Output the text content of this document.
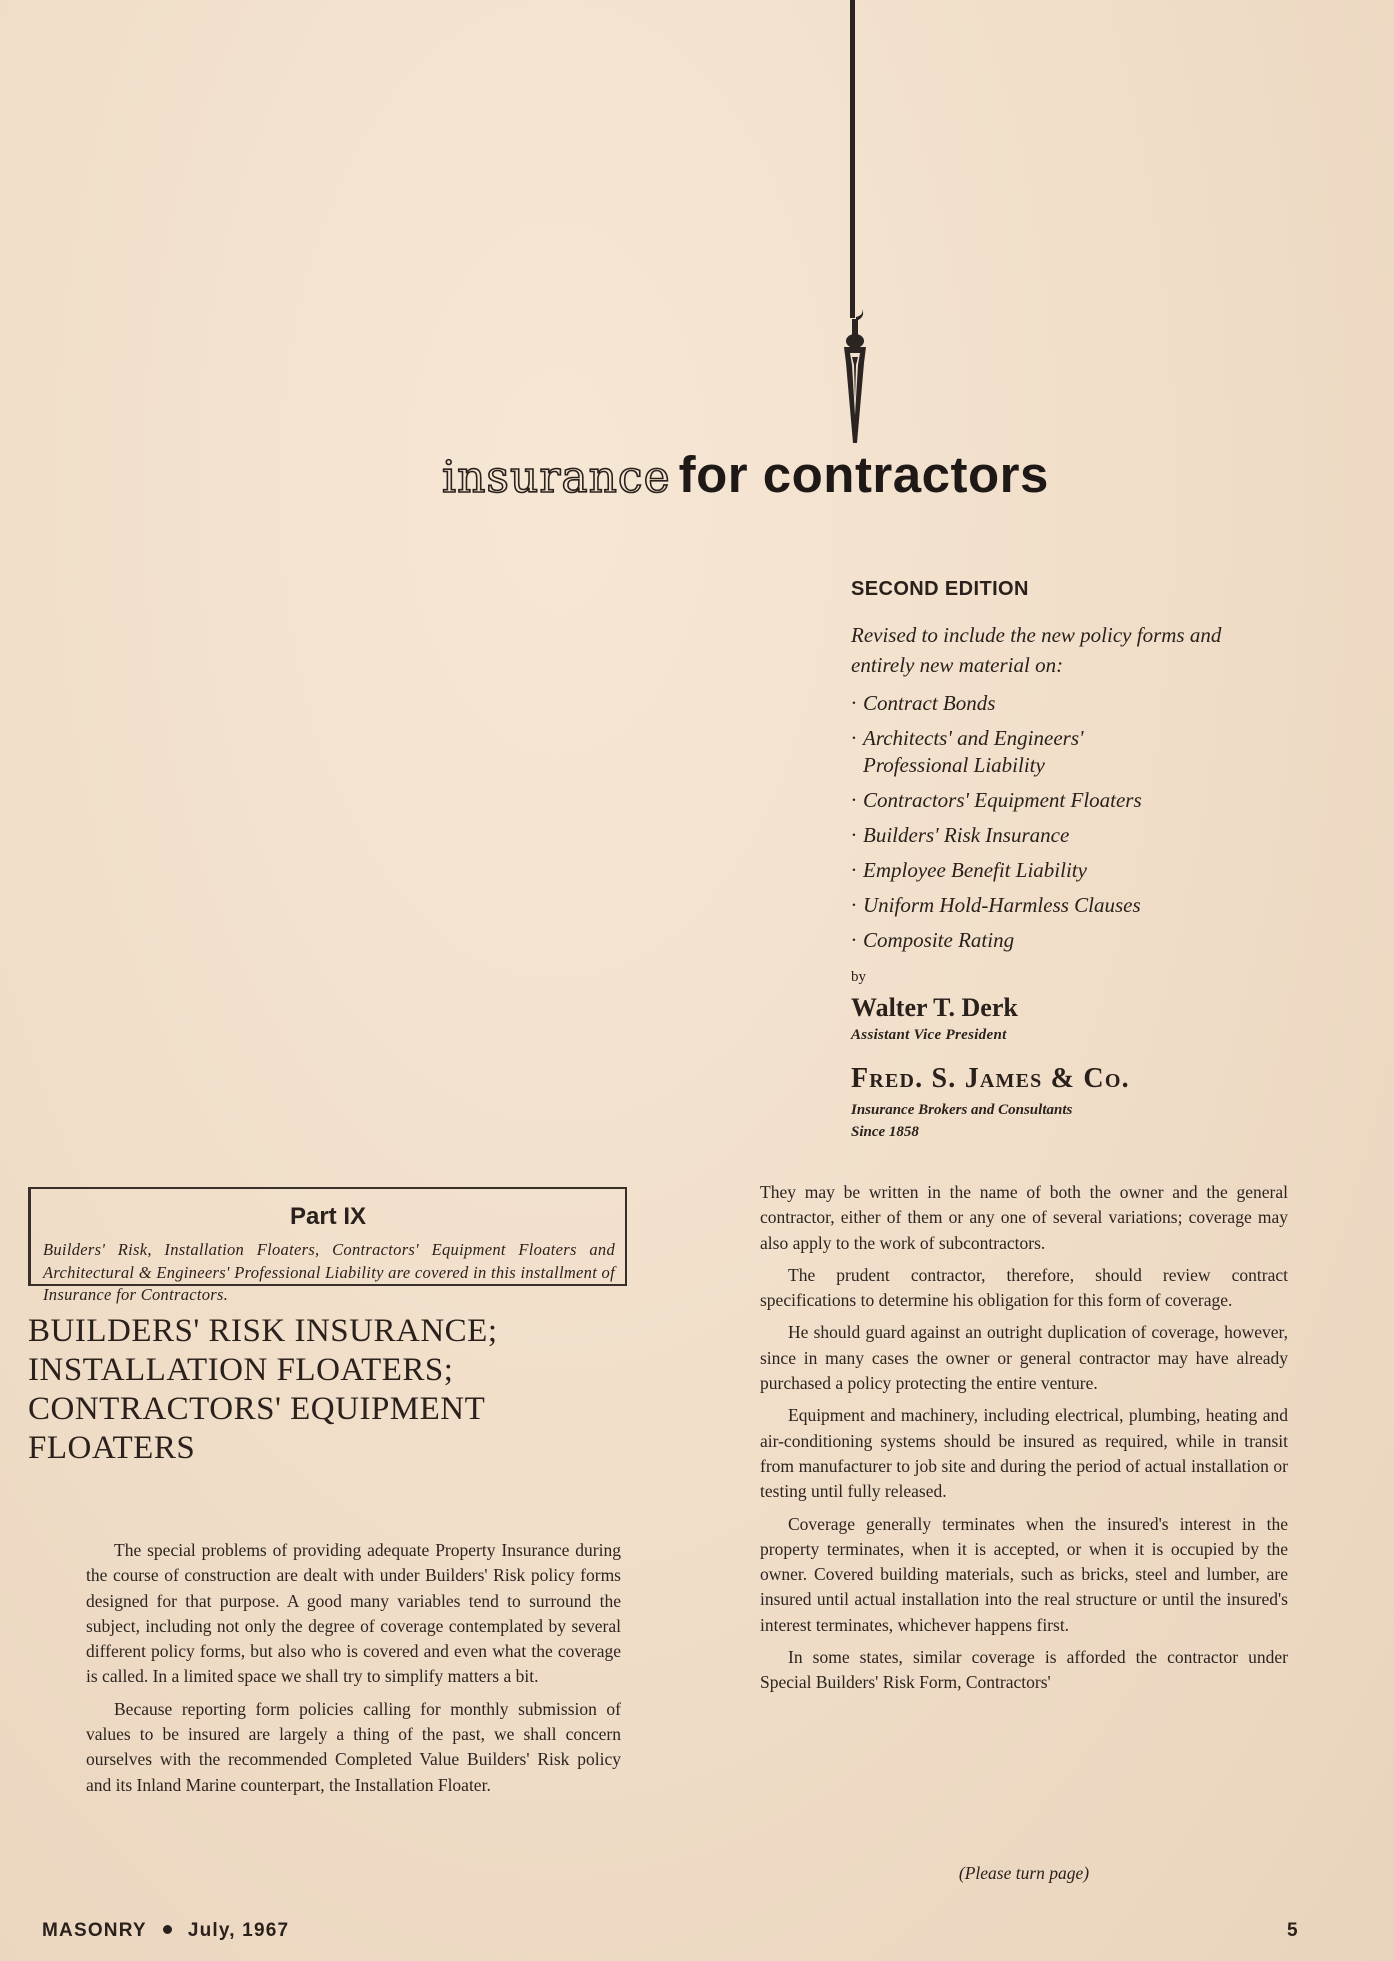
insurance for contractors
SECOND EDITION
Revised to include the new policy forms and entirely new material on:
· Contract Bonds
· Architects' and Engineers'
Professional Liability
· Contractors' Equipment Floaters
· Builders' Risk Insurance
· Employee Benefit Liability
· Uniform Hold-Harmless Clauses
· Composite Rating
by
Walter T. Derk
Assistant Vice President
Fred. S. James & Co.
Insurance Brokers and Consultants
Since 1858
Part IX
Builders' Risk, Installation Floaters, Contractors' Equipment Floaters and Architectural & Engineers' Professional Liability are covered in this installment of Insurance for Contractors.
BUILDERS' RISK INSURANCE; INSTALLATION FLOATERS; CONTRACTORS' EQUIPMENT FLOATERS

The special problems of providing adequate Property Insurance during the course of construction are dealt with under Builders' Risk policy forms designed for that purpose. A good many variables tend to surround the subject, including not only the degree of coverage contemplated by several different policy forms, but also who is covered and even what the coverage is called. In a limited space we shall try to simplify matters a bit.

Because reporting form policies calling for monthly submission of values to be insured are largely a thing of the past, we shall concern ourselves with the recommended Completed Value Builders' Risk policy and its Inland Marine counterpart, the Installation Floater.

They may be written in the name of both the owner and the general contractor, either of them or any one of several variations; coverage may also apply to the work of subcontractors.

The prudent contractor, therefore, should review contract specifications to determine his obligation for this form of coverage.

He should guard against an outright duplication of coverage, however, since in many cases the owner or general contractor may have already purchased a policy protecting the entire venture.

Equipment and machinery, including electrical, plumbing, heating and air-conditioning systems should be insured as required, while in transit from manufacturer to job site and during the period of actual installation or testing until fully released.

Coverage generally terminates when the insured's interest in the property terminates, when it is accepted, or when it is occupied by the owner. Covered building materials, such as bricks, steel and lumber, are insured until actual installation into the real structure or until the insured's interest terminates, whichever happens first.

In some states, similar coverage is afforded the contractor under Special Builders' Risk Form, Contractors'

(Please turn page)
MASONRY July, 1967	5
